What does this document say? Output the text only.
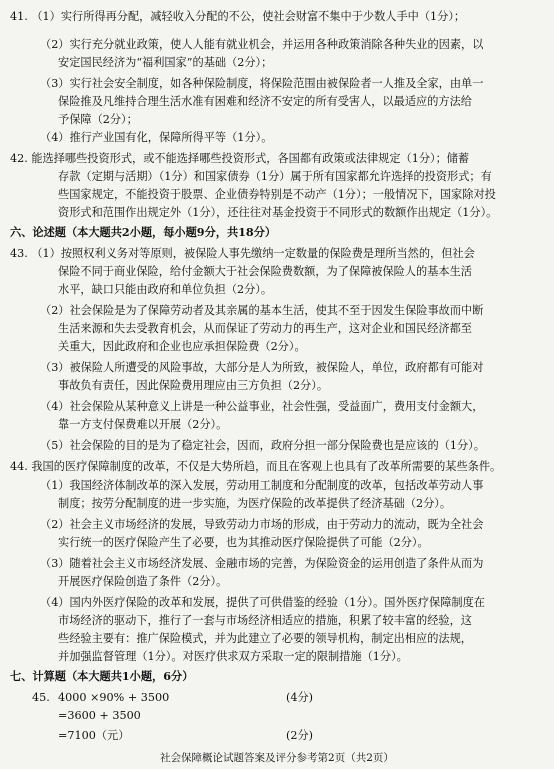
41. （1）实行所得再分配，减轻收入分配的不公，使社会财富不集中于少数人手中（1分）；
（2）实行充分就业政策，使人人能有就业机会，并运用各种政策消除各种失业的因素，以
安定国民经济为“福利国家”的基础（2分）；
（3）实行社会安全制度，如各种保险制度，将保险范围由被保险者一人推及全家，由单一
保险推及凡维持合理生活水准有困难和经济不安定的所有受害人，以最适应的方法给
予保障（2分）；
（4）推行产业国有化，保障所得平等（1分）。
42. 能选择哪些投资形式，或不能选择哪些投资形式，各国都有政策或法律规定（1分）；储蓄
存款（定期与活期）（1分）和国家债券（1分）属于所有国家都允许选择的投资形式；有
些国家规定，不能投资于股票、企业债券特别是不动产（1分）；一般情况下，国家除对投
资形式和范围作出规定外（1分），还往往对基金投资于不同形式的数额作出规定（1分）。
六、论述题（本大题共2小题，每小题9分，共18分）
43. （1）按照权利义务对等原则，被保险人事先缴纳一定数量的保险费是理所当然的，但社会
保险不同于商业保险，给付金额大于社会保险费数额，为了保障被保险人的基本生活
水平，缺口只能由政府和单位负担（2分）。
（2）社会保险是为了保障劳动者及其亲属的基本生活，使其不至于因发生保险事故而中断
生活来源和失去受教育机会，从而保证了劳动力的再生产，这对企业和国民经济都至
关重大，因此政府和企业也应承担保险费（2分）。
（3）被保险人所遭受的风险事故，大部分是人为所致，被保险人，单位，政府都有可能对
事故负有责任，因此保险费用理应由三方负担（2分）。
（4）社会保险从某种意义上讲是一种公益事业，社会性强，受益面广，费用支付金额大，
靠一方支付保费难以开展（2分）。
（5）社会保险的目的是为了稳定社会，因而，政府分担一部分保险费也是应该的（1分）。
44. 我国的医疗保障制度的改革，不仅是大势所趋，而且在客观上也具有了改革所需要的某些条件。
（1）我国经济体制改革的深入发展，劳动用工制度和分配制度的改革，包括改革劳动人事
制度；按劳分配制度的进一步实施，为医疗保险的改革提供了经济基础（2分）。
（2）社会主义市场经济的发展，导致劳动力市场的形成，由于劳动力的流动，既为全社会
实行统一的医疗保险产生了必要，也为其推动医疗保险提供了可能（2分）。
（3）随着社会主义市场经济发展、金融市场的完善，为保险资金的运用创造了条件从而为
开展医疗保险创造了条件（2分）。
（4）国内外医疗保险的改革和发展，提供了可供借鉴的经验（1分）。国外医疗保障制度在
市场经济的驱动下，推行了一套与市场经济相适应的措施，积累了较丰富的经验，这
些经验主要有：推广保险模式，并为此建立了必要的领导机构，制定出相应的法规，
并加强监督管理（1分）。对医疗供求双方采取一定的限制措施（1分）。
七、计算题（本大题共1小题，6分）
45. 4000 ×90% + 3500	(4分)
=3600 + 3500
=7100（元）	(2分)
社会保障概论试题答案及评分参考第2页（共2页）
